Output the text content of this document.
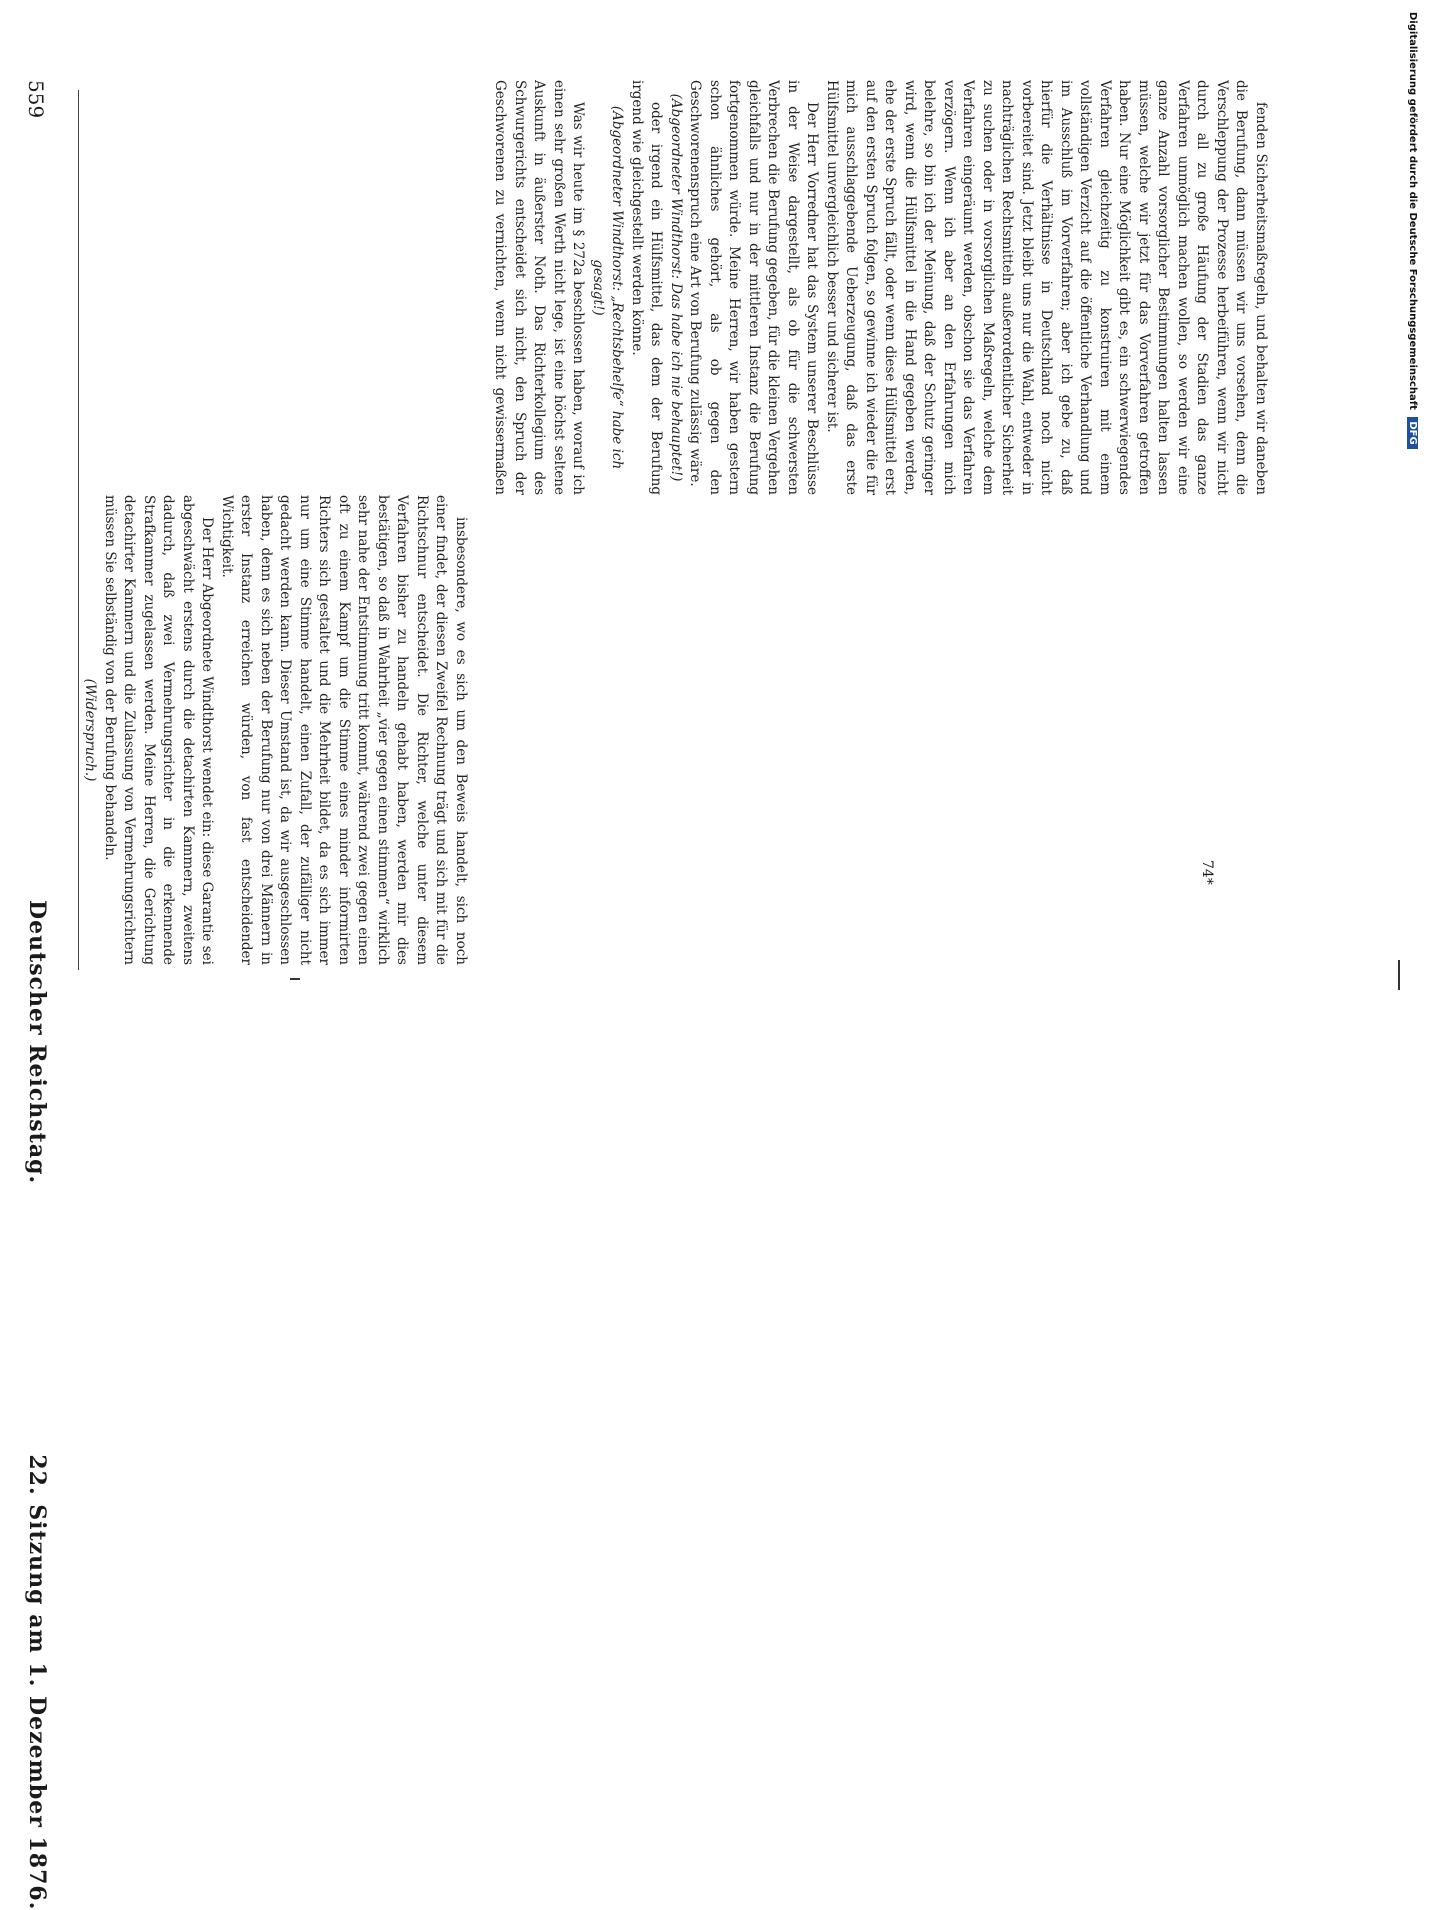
Deutscher Reichstag.  22. Sitzung am 1. Dezember 1876.
559

insbesondere, wo es sich um den Beweis handelt, sich noch einer findet, der diesen Zweifel Rechnung trägt und sich mit für die Richtschnur entscheidet. Die Richter, welche unter diesem Verfahren bisher zu handeln gehabt haben, werden mir dies bestätigen, so daß in Wahrheit „vier gegen einen stimmen“ wirklich sehr nahe der Entstimmung tritt kommt, während zwei gegen einen oft zu einem Kampf um die Stimme eines minder informirten Richters sich gestaltet und die Mehrheit bildet, da es sich immer nur um eine Stimme handelt, einen Zufall, der zufälliger nicht gedacht werden kann. Dieser Umstand ist, da wir ausgeschlossen haben, denn es sich neben der Berufung nur von drei Männern in erster Instanz erreichen würden, von fast entscheidender Wichtigkeit.

Der Herr Abgeordnete Windthorst wendet ein: diese Garantie sei abgeschwächt erstens durch die detachirten Kammern, zweitens dadurch, daß zwei Vermehrungsrichter in die erkennende Strafkammer zugelassen werden. Meine Herren, die Gerichtung detachirter Kammern und die Zulassung von Vermehrungsrichtern müssen Sie selbständig von der Berufung behandeln.

(Widerspruch.)

fenden Sicherheitsmaßregeln, und behalten wir daneben die Berufung, dann müssen wir uns vorsehen, denn die Verschleppung der Prozesse herbeiführen, wenn wir nicht durch all zu große Häufung der Stadien das ganze Verfahren unmöglich machen wollen, so werden wir eine ganze Anzahl vorsorglicher Bestimmungen halten lassen müssen, welche wir jetzt für das Vorverfahren getroffen haben. Nur eine Möglichkeit gibt es, ein schwerwiegendes Verfahren gleichzeitig zu konstruiren mit einem vollständigen Verzicht auf die öffentliche Verhandlung und im Ausschluß im Vorverfahren; aber ich gebe zu, daß hierfür die Verhältnisse in Deutschland noch nicht vorbereitet sind. Jetzt bleibt uns nur die Wahl, entweder in nachträglichen Rechtsmitteln außerordentlicher Sicherheit zu suchen oder in vorsorglichen Maßregeln, welche dem Verfahren eingeräumt werden, obschon sie das Verfahren verzögern. Wenn ich aber an den Erfahrungen mich belehre, so bin ich der Meinung, daß der Schutz geringer wird, wenn die Hülfsmittel in die Hand gegeben werden, ehe der erste Spruch fällt, oder wenn diese Hülfsmittel erst auf den ersten Spruch folgen, so gewinne ich wieder die für mich ausschlaggebende Ueberzeugung, daß das erste Hülfsmittel unvergleichlich besser und sicherer ist.

Der Herr Vorredner hat das System unserer Beschlüsse in der Weise dargestellt, als ob für die schwersten Verbrechen die Berufung gegeben, für die kleinen Vergehen gleichfalls und nur in der mittleren Instanz die Berufung fortgenommen würde. Meine Herren, wir haben gestern schon ähnliches gehört, als ob gegen den Geschworenenspruch eine Art von Berufung zulässig wäre.

(Abgeordneter Windthorst: Das habe ich nie behauptet!)

oder irgend ein Hülfsmittel, das dem der Berufung irgend wie gleichgestellt werden könne.

(Abgeordneter Windthorst: „Rechtsbehelfe“ habe ich gesagt!)

Was wir heute im § 272a beschlossen haben, worauf ich einen sehr großen Werth nicht lege, ist eine höchst seltene Auskunft in äußerster Noth. Das Richterkollegium des Schwurgerichts entscheidet sich nicht, den Spruch der Geschworenen zu vernichten, wenn nicht gewissermaßen

74*
Digitalisierung gefördert durch die Deutsche Forschungsgemeinschaft DFG
